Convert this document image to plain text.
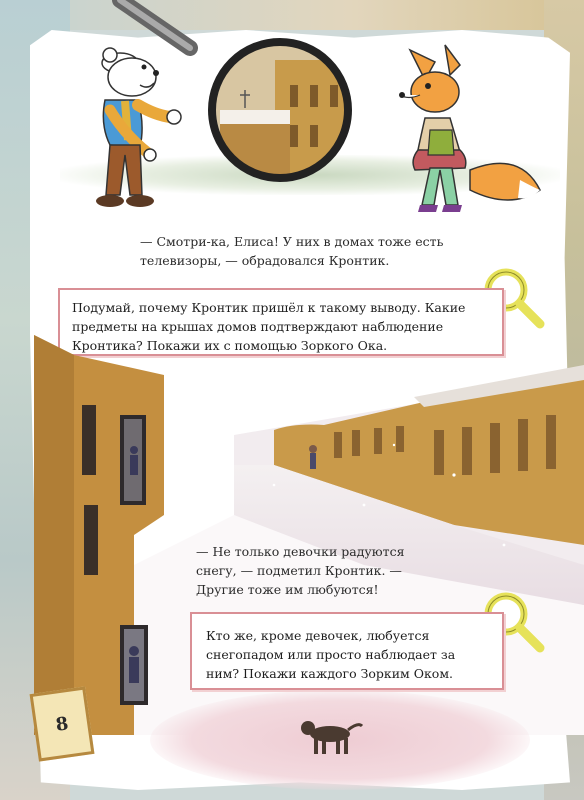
— Смотри-ка, Елиса! У них в домах тоже есть телевизоры, — обрадовался Кронтик.

Подумай, почему Кронтик пришёл к такому выводу. Какие предметы на крышах домов подтверждают наблюдение Кронтика? Покажи их с помощью Зоркого Ока.

— Не только девочки радуются
снегу, — подметил Кронтик. —
Другие тоже им любуются!

Кто же, кроме девочек, любуется снегопадом или просто наблюдает за ним? Покажи каждого Зорким Оком.

8
